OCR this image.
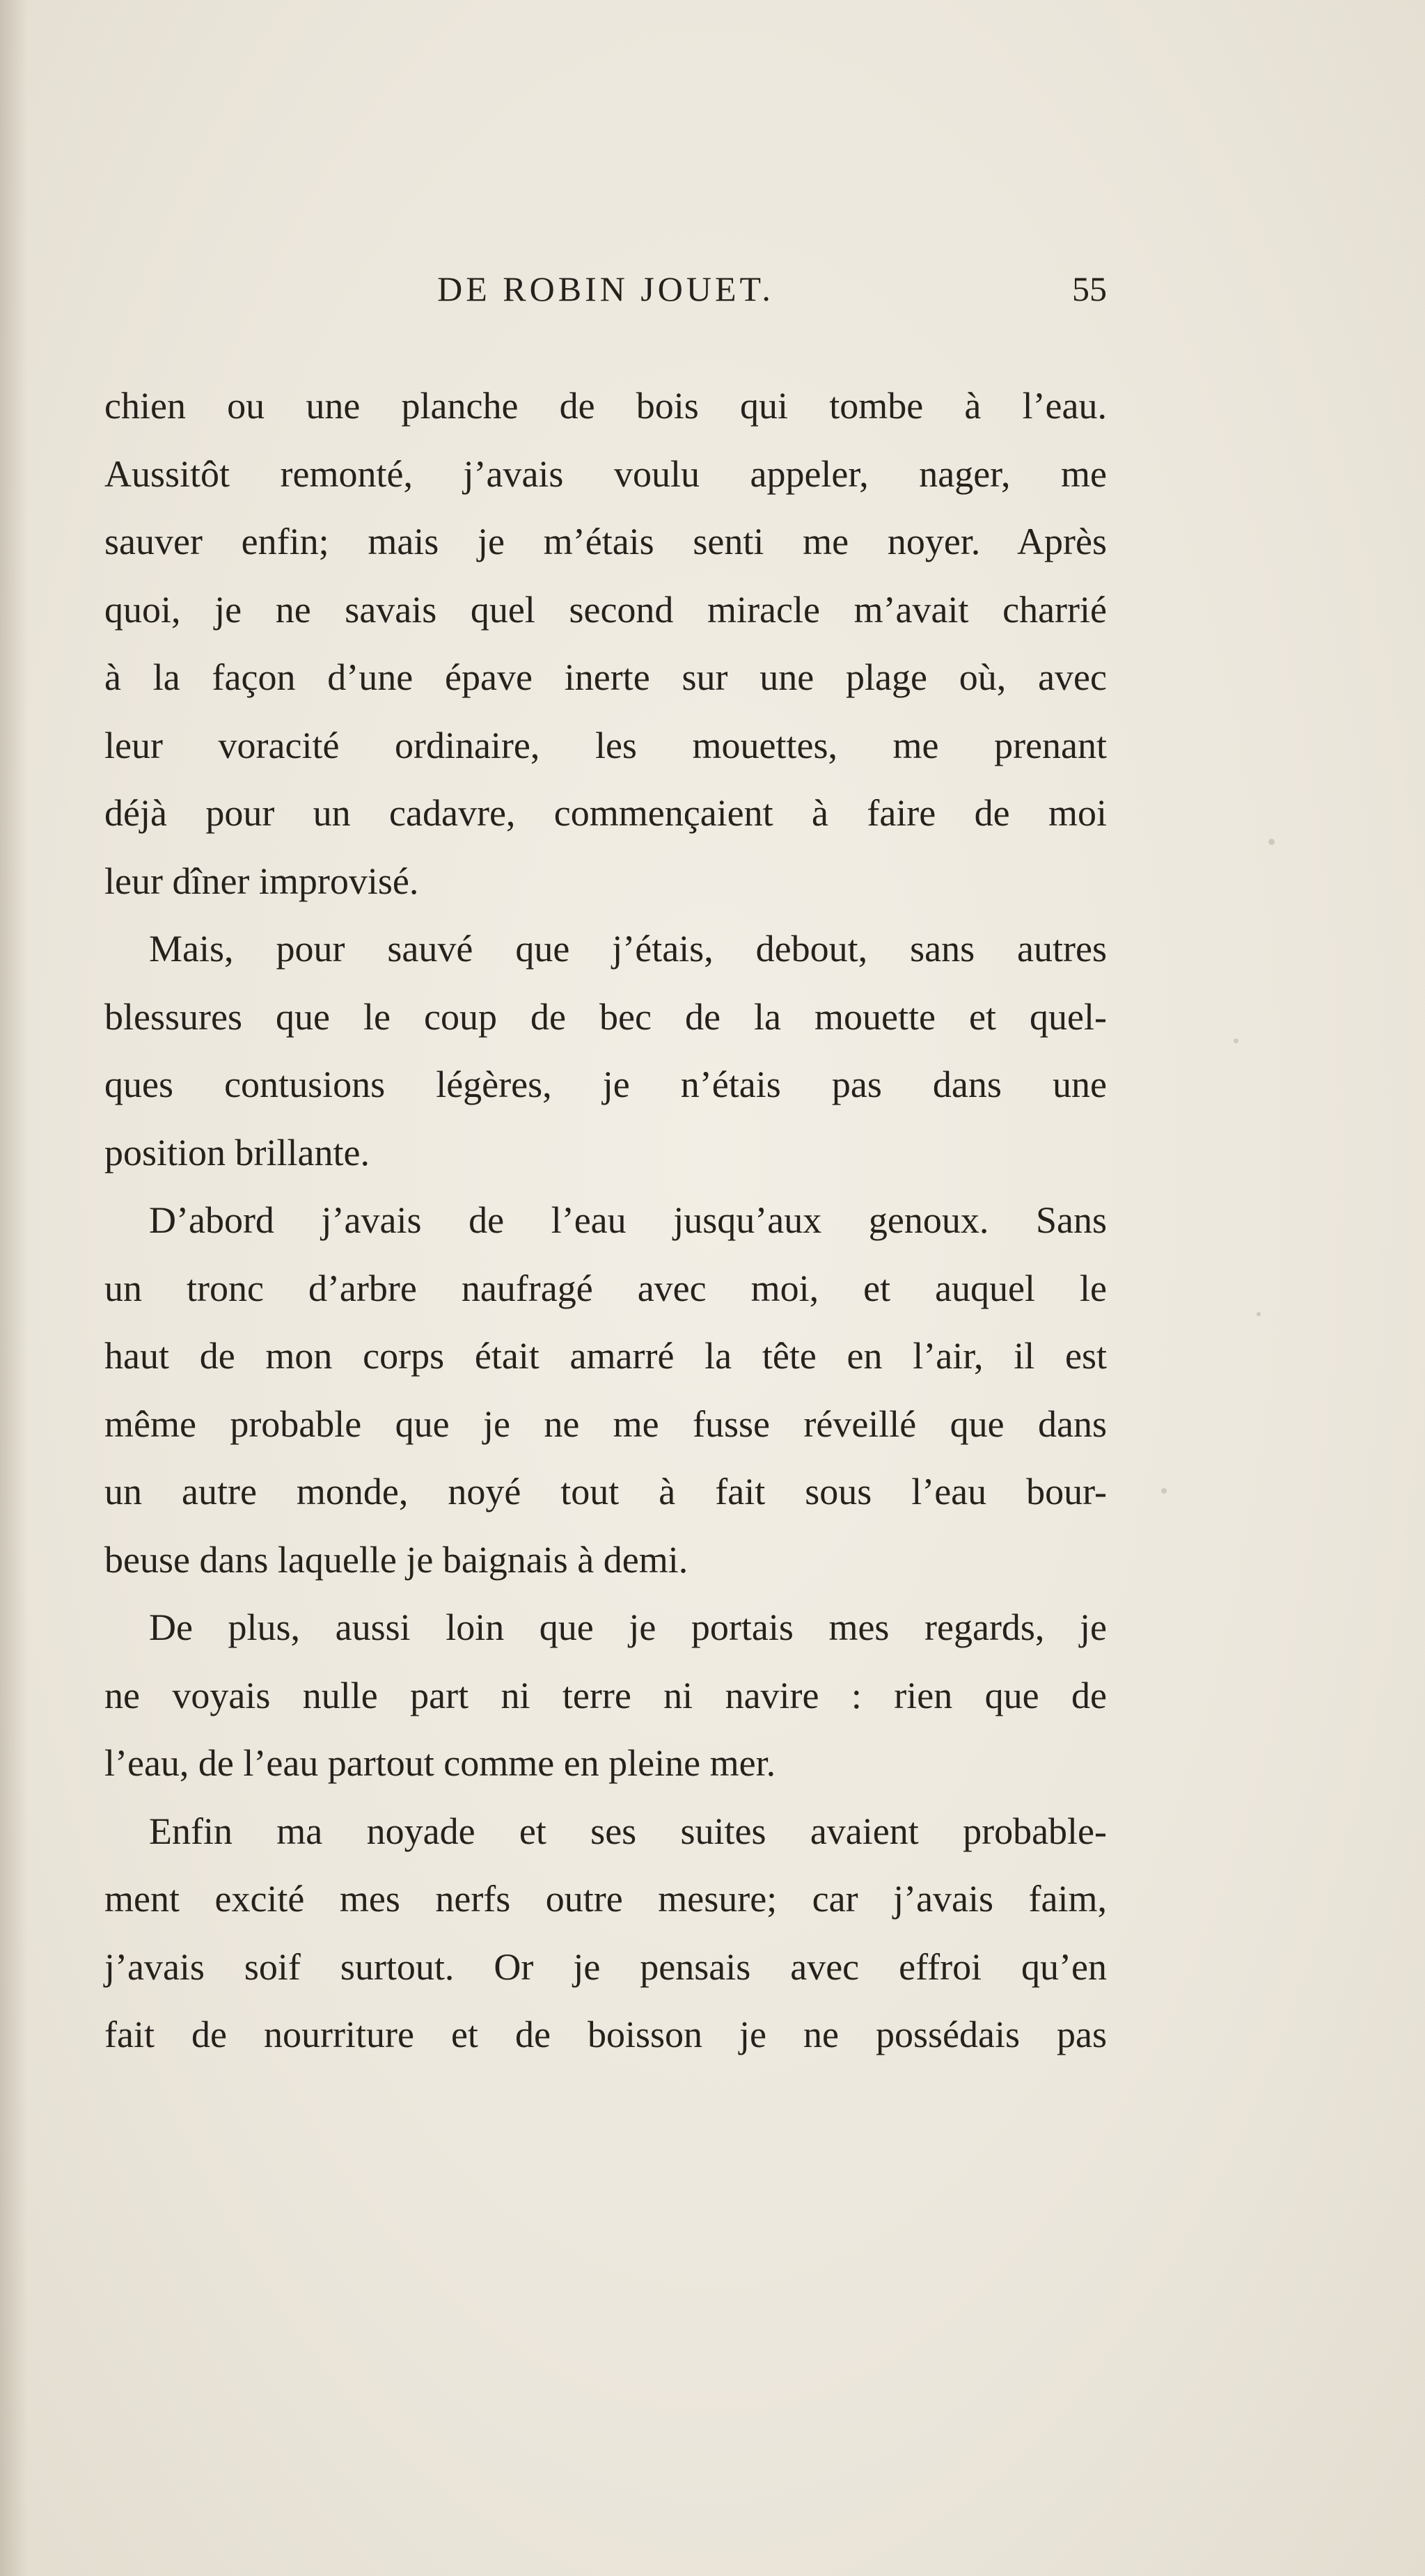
DE ROBIN JOUET.	55
chien ou une planche de bois qui tombe à l’eau.
Aussitôt remonté, j’avais voulu appeler, nager, me
sauver enfin; mais je m’étais senti me noyer. Après
quoi, je ne savais quel second miracle m’avait charrié
à la façon d’une épave inerte sur une plage où, avec
leur voracité ordinaire, les mouettes, me prenant
déjà pour un cadavre, commençaient à faire de moi
leur dîner improvisé.
Mais, pour sauvé que j’étais, debout, sans autres
blessures que le coup de bec de la mouette et quel-
ques contusions légères, je n’étais pas dans une
position brillante.
D’abord j’avais de l’eau jusqu’aux genoux. Sans
un tronc d’arbre naufragé avec moi, et auquel le
haut de mon corps était amarré la tête en l’air, il est
même probable que je ne me fusse réveillé que dans
un autre monde, noyé tout à fait sous l’eau bour-
beuse dans laquelle je baignais à demi.
De plus, aussi loin que je portais mes regards, je
ne voyais nulle part ni terre ni navire : rien que de
l’eau, de l’eau partout comme en pleine mer.
Enfin ma noyade et ses suites avaient probable-
ment excité mes nerfs outre mesure; car j’avais faim,
j’avais soif surtout. Or je pensais avec effroi qu’en
fait de nourriture et de boisson je ne possédais pas
